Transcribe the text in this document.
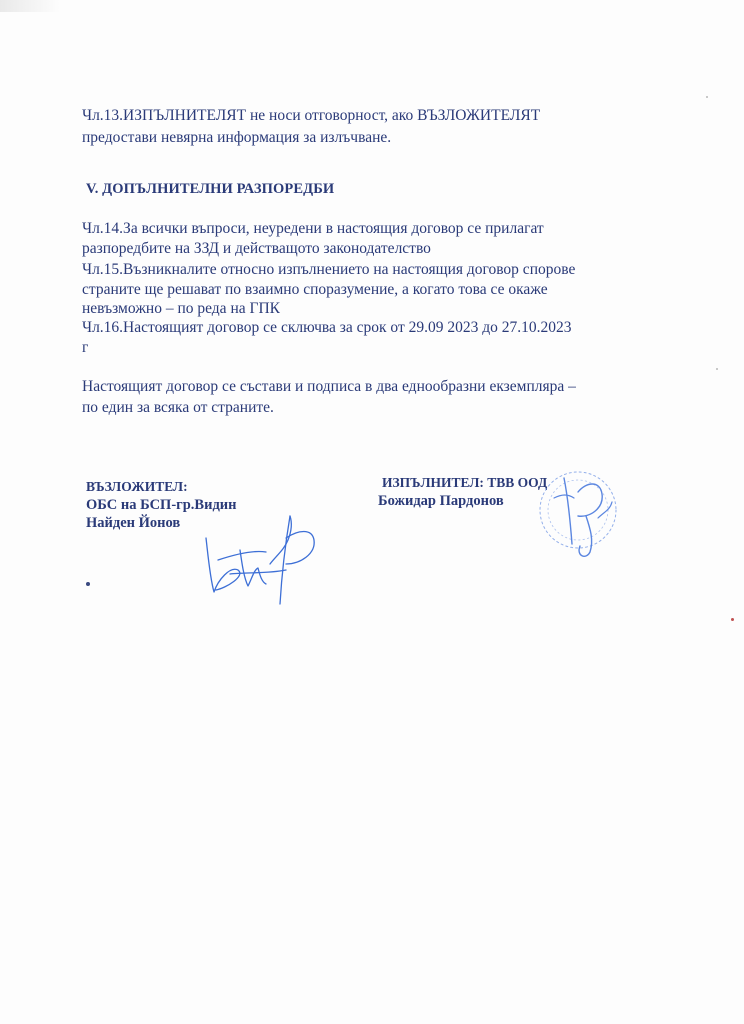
Чл.13.ИЗПЪЛНИТЕЛЯТ не носи отговорност, ако ВЪЗЛОЖИТЕЛЯТ
предостави невярна информация за излъчване.
V. ДОПЪЛНИТЕЛНИ РАЗПОРЕДБИ
Чл.14.За всички въпроси, неуредени в настоящия договор се прилагат
разпоредбите на ЗЗД и действащото законодателство
Чл.15.Възникналите относно изпълнението на настоящия договор спорове
страните ще решават по взаимно споразумение, а когато това се окаже
невъзможно – по реда на ГПК
Чл.16.Настоящият договор се сключва за срок от 29.09 2023 до 27.10.2023
г
Настоящият договор се състави и подписа в два еднообразни екземпляра –
по един за всяка от страните.
ВЪЗЛОЖИТЕЛ:
ОБС на БСП-гр.Видин
Найден Йонов
ИЗПЪЛНИТЕЛ: ТВВ ООД
Божидар Пардонов
